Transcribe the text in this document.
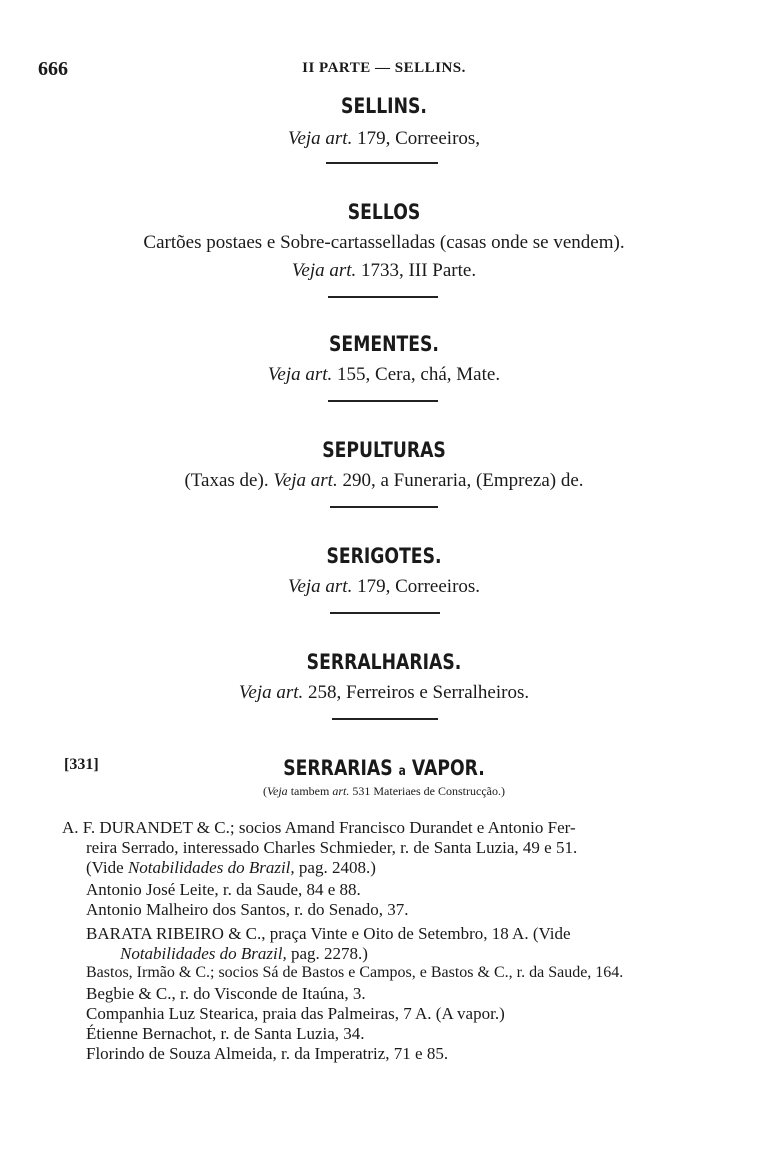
666	II PARTE — SELLINS.
SELLINS.
Veja art. 179, Correeiros,
SELLOS
Cartões postaes e Sobre-cartasselladas (casas onde se vendem).
Veja art. 1733, III Parte.
SEMENTES.
Veja art. 155, Cera, chá, Mate.
SEPULTURAS
(Taxas de). Veja art. 290, a Funeraria, (Empreza) de.
SERIGOTES.
Veja art. 179, Correeiros.
SERRALHARIAS.
Veja art. 258, Ferreiros e Serralheiros.
[331]	SERRARIAS a VAPOR.
(Veja tambem art. 531 Materiaes de Construcção.)
A. F. DURANDET & C.; socios Amand Francisco Durandet e Antonio Fer-
reira Serrado, interessado Charles Schmieder, r. de Santa Luzia, 49 e 51.
(Vide Notabilidades do Brazil, pag. 2408.)
Antonio José Leite, r. da Saude, 84 e 88.
Antonio Malheiro dos Santos, r. do Senado, 37.
BARATA RIBEIRO & C., praça Vinte e Oito de Setembro, 18 A. (Vide
Notabilidades do Brazil, pag. 2278.)
Bastos, Irmão & C.; socios Sá de Bastos e Campos, e Bastos & C., r. da Saude, 164.
Begbie & C., r. do Visconde de Itaúna, 3.
Companhia Luz Stearica, praia das Palmeiras, 7 A. (A vapor.)
Étienne Bernachot, r. de Santa Luzia, 34.
Florindo de Souza Almeida, r. da Imperatriz, 71 e 85.
